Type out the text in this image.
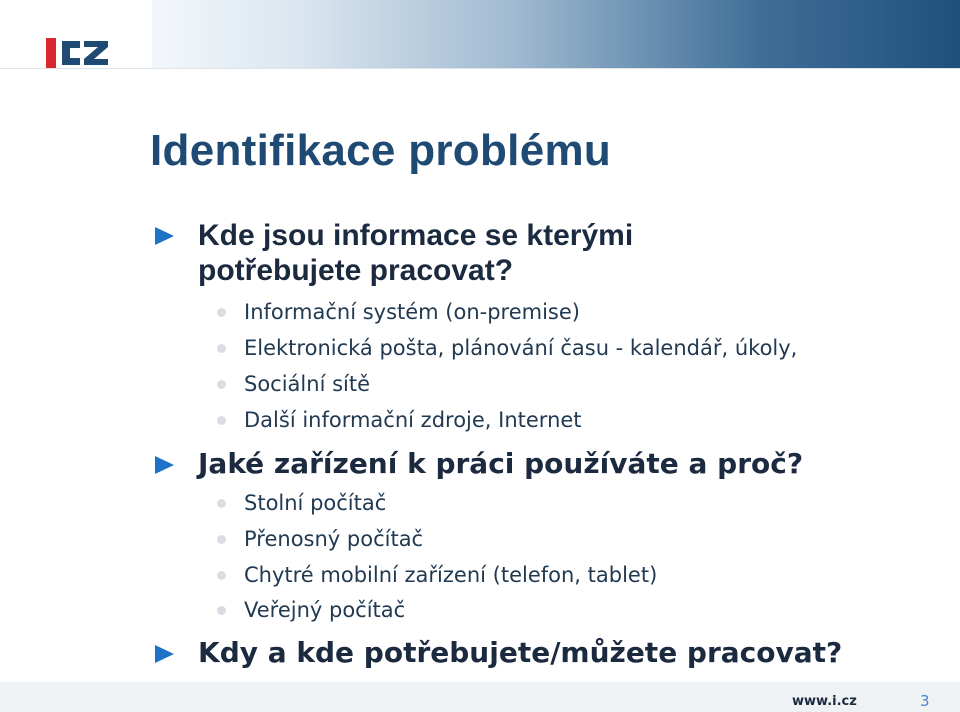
Identifikace problému
Kde jsou informace se kterými
potřebujete pracovat?
Informační systém (on-premise)
Elektronická pošta, plánování času - kalendář, úkoly,
Sociální sítě
Další informační zdroje, Internet
Jaké zařízení k práci používáte a proč?
Stolní počítač
Přenosný počítač
Chytré mobilní zařízení (telefon, tablet)
Veřejný počítač
Kdy a kde potřebujete/můžete pracovat?
www.i.cz	3
